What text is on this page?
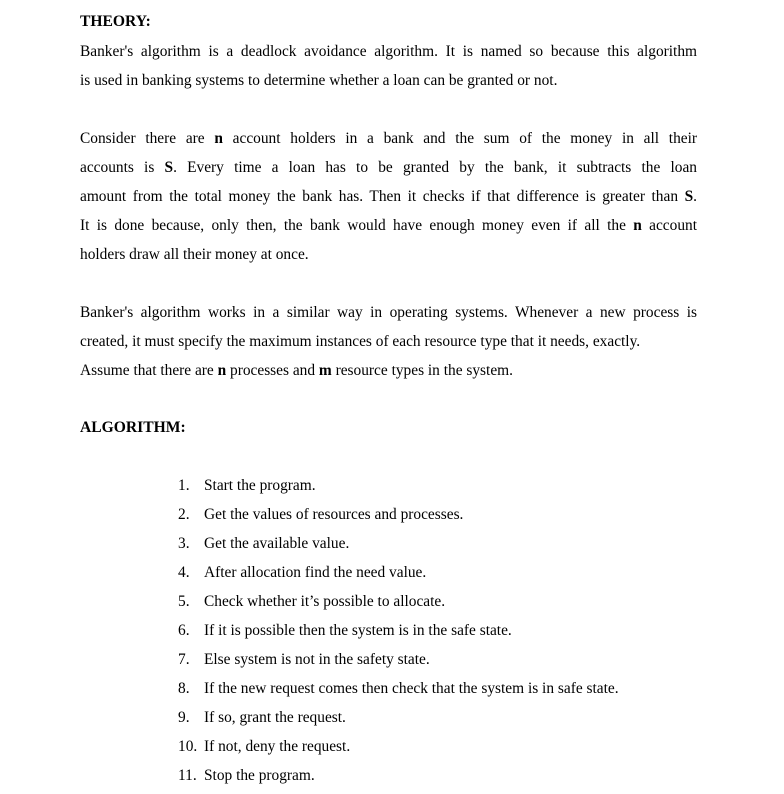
THEORY:
Banker's algorithm is a deadlock avoidance algorithm. It is named so because this algorithm
is used in banking systems to determine whether a loan can be granted or not.
Consider there are n account holders in a bank and the sum of the money in all their
accounts is S. Every time a loan has to be granted by the bank, it subtracts the loan
amount from the total money the bank has. Then it checks if that difference is greater than S.
It is done because, only then, the bank would have enough money even if all the n account
holders draw all their money at once.
Banker's algorithm works in a similar way in operating systems. Whenever a new process is
created, it must specify the maximum instances of each resource type that it needs, exactly.
Assume that there are n processes and m resource types in the system.
ALGORITHM:
1. Start the program.
2. Get the values of resources and processes.
3. Get the available value.
4. After allocation find the need value.
5. Check whether it’s possible to allocate.
6. If it is possible then the system is in the safe state.
7. Else system is not in the safety state.
8. If the new request comes then check that the system is in safe state.
9. If so, grant the request.
10. If not, deny the request.
11. Stop the program.
